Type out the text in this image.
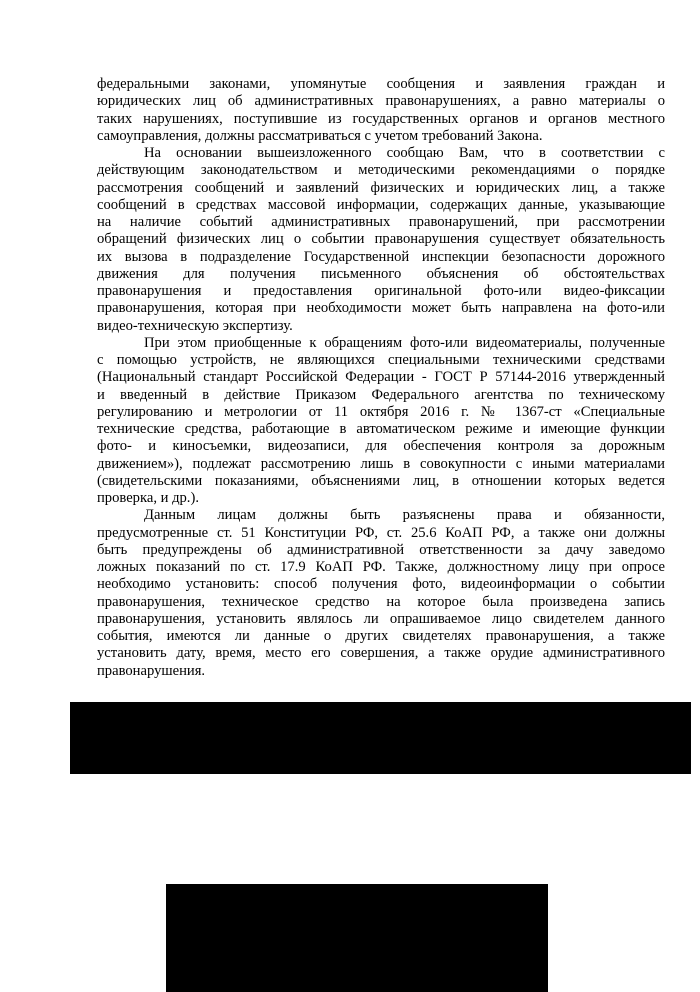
федеральными законами, упомянутые сообщения и заявления граждан и
юридических лиц об административных правонарушениях, а равно материалы о
таких нарушениях, поступившие из государственных органов и органов местного
самоуправления, должны рассматриваться с учетом требований Закона.
На основании вышеизложенного сообщаю Вам, что в соответствии с
действующим законодательством и методическими рекомендациями о порядке
рассмотрения сообщений и заявлений физических и юридических лиц, а также
сообщений в средствах массовой информации, содержащих данные, указывающие
на наличие событий административных правонарушений, при рассмотрении
обращений физических лиц о событии правонарушения существует обязательность
их вызова в подразделение Государственной инспекции безопасности дорожного
движения для получения письменного объяснения об обстоятельствах
правонарушения и предоставления оригинальной фото-или видео-фиксации
правонарушения, которая при необходимости может быть направлена на фото-или
видео-техническую экспертизу.
При этом приобщенные к обращениям фото-или видеоматериалы, полученные
с помощью устройств, не являющихся специальными техническими средствами
(Национальный стандарт Российской Федерации - ГОСТ Р 57144-2016 утвержденный
и введенный в действие Приказом Федерального агентства по техническому
регулированию и метрологии от 11 октября 2016 г. № 1367-ст «Специальные
технические средства, работающие в автоматическом режиме и имеющие функции
фото- и киносъемки, видеозаписи, для обеспечения контроля за дорожным
движением»), подлежат рассмотрению лишь в совокупности с иными материалами
(свидетельскими показаниями, объяснениями лиц, в отношении которых ведется
проверка, и др.).
Данным лицам должны быть разъяснены права и обязанности,
предусмотренные ст. 51 Конституции РФ, ст. 25.6 КоАП РФ, а также они должны
быть предупреждены об административной ответственности за дачу заведомо
ложных показаний по ст. 17.9 КоАП РФ. Также, должностному лицу при опросе
необходимо установить: способ получения фото, видеоинформации о событии
правонарушения, техническое средство на которое была произведена запись
правонарушения, установить являлось ли опрашиваемое лицо свидетелем данного
события, имеются ли данные о других свидетелях правонарушения, а также
установить дату, время, место его совершения, а также орудие административного
правонарушения.
